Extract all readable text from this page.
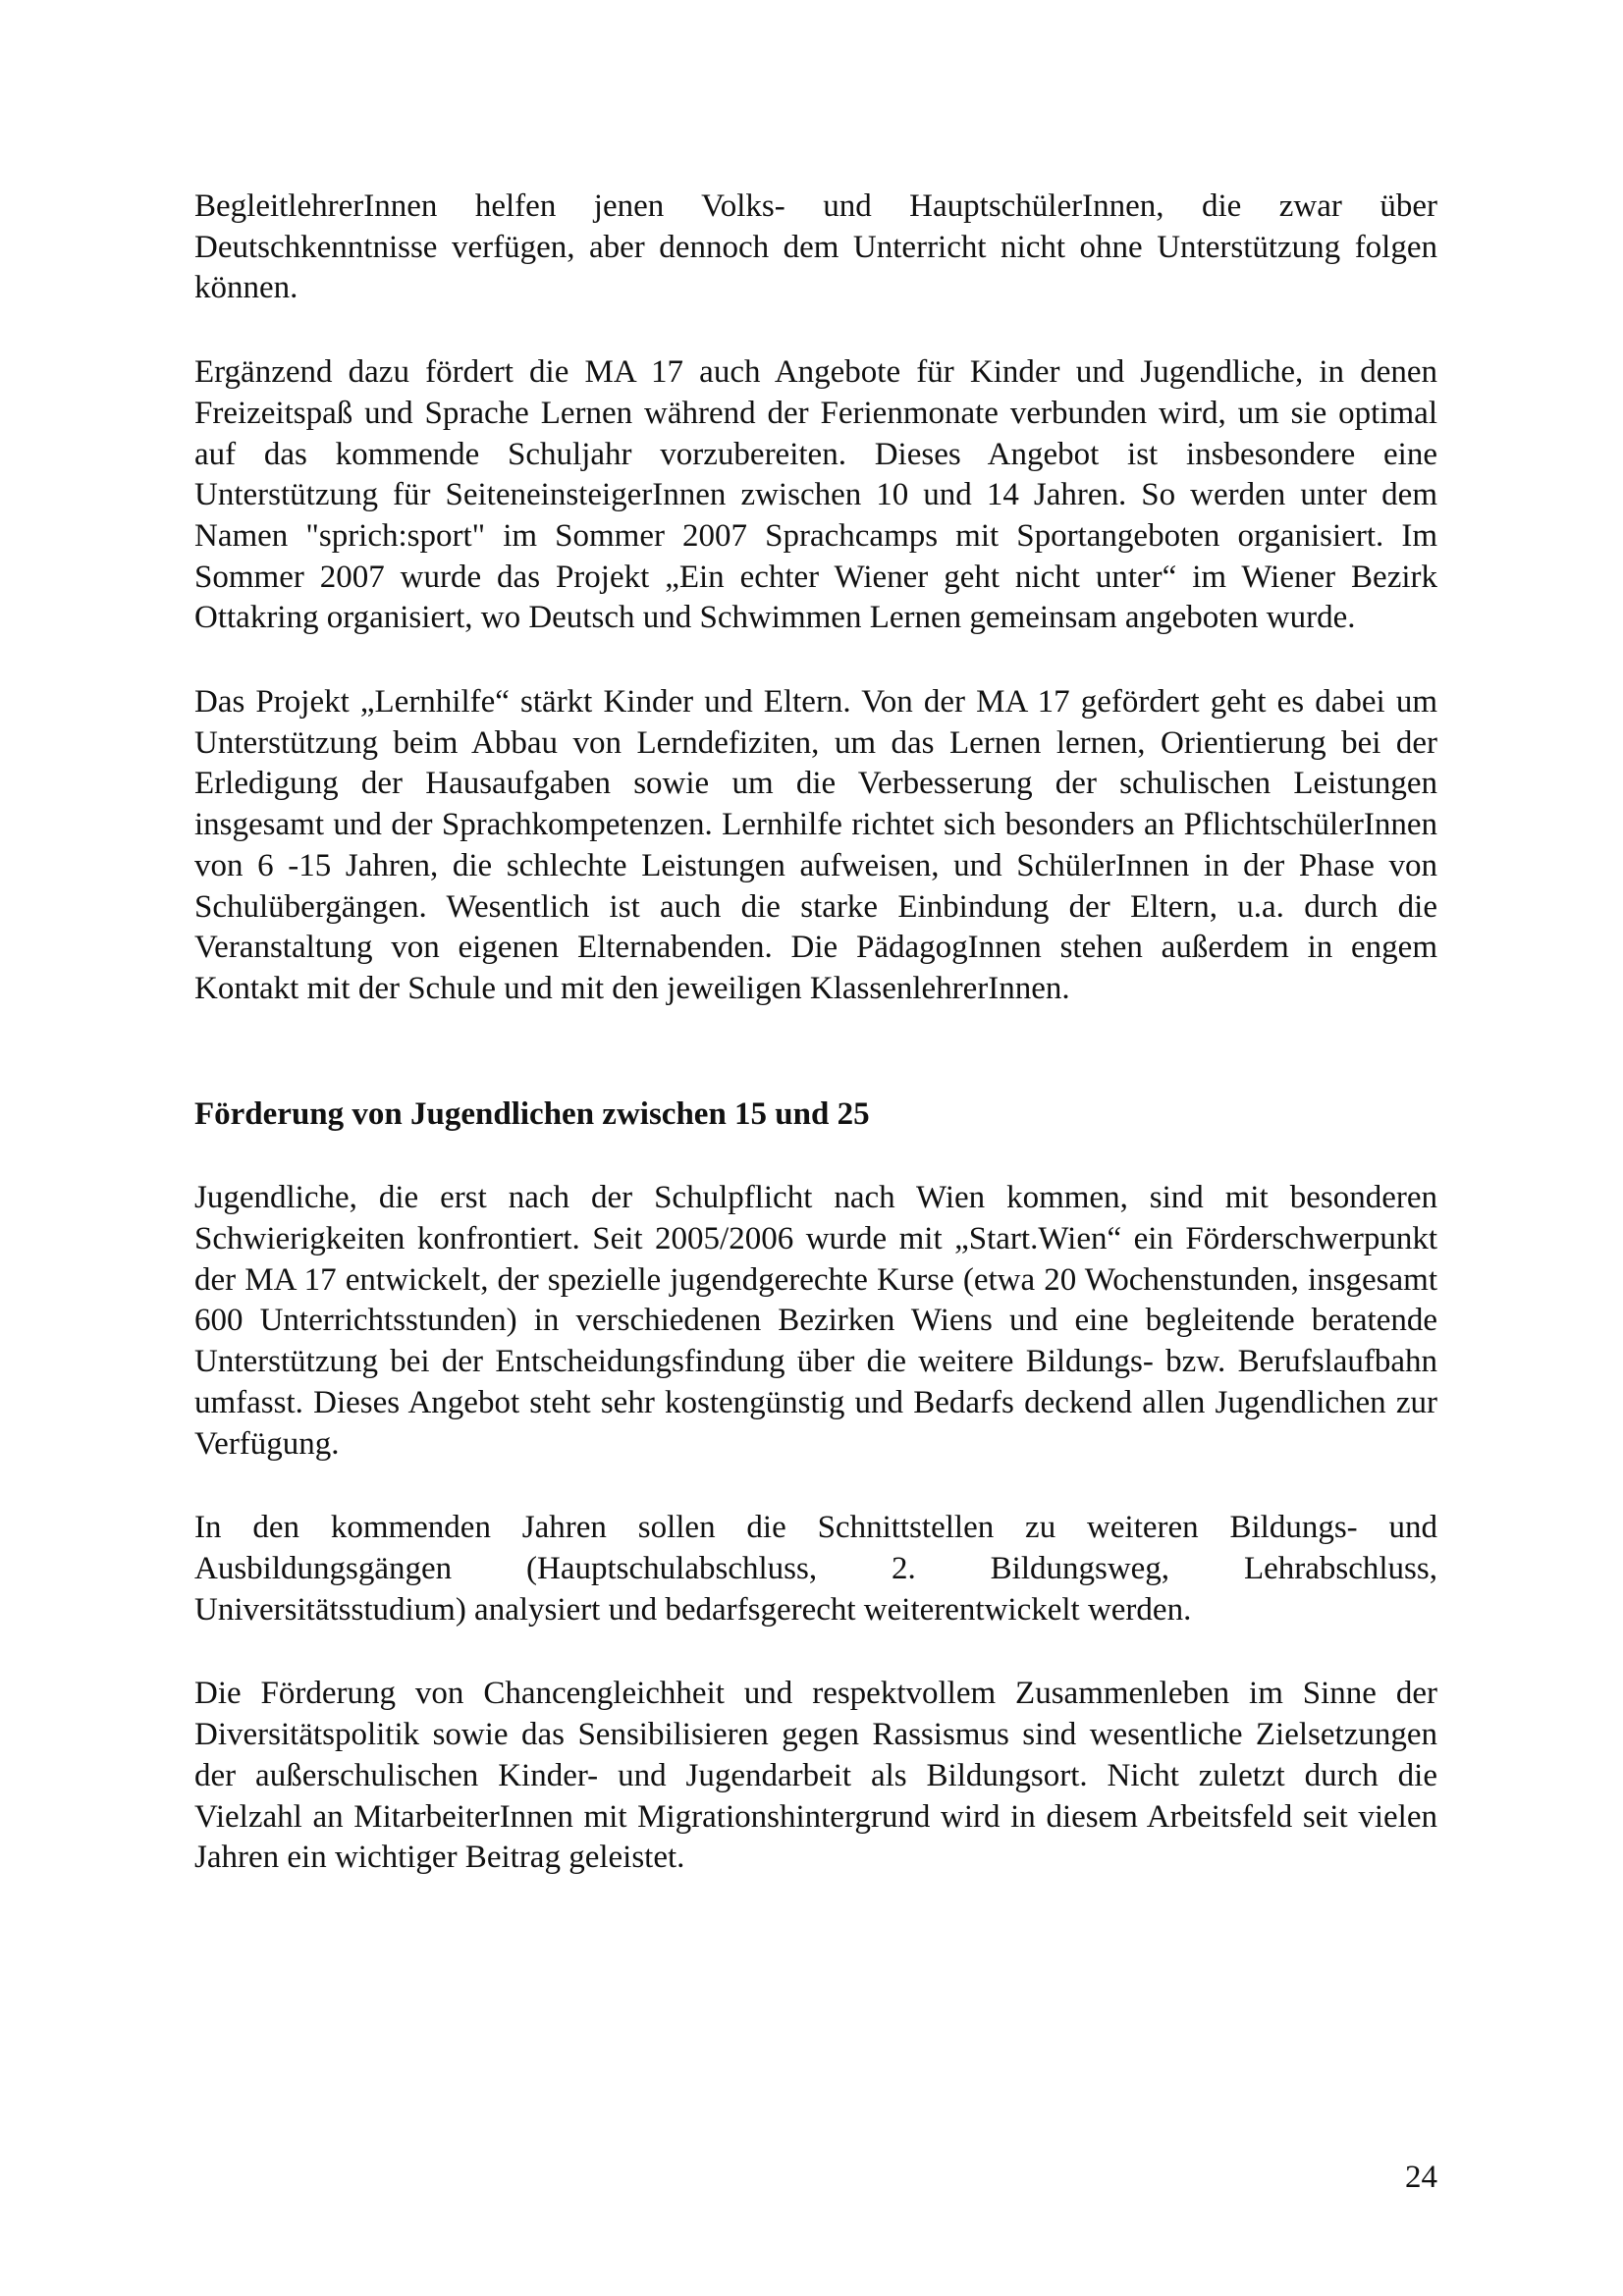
BegleitlehrerInnen helfen jenen Volks- und HauptschülerInnen, die zwar über Deutschkenntnisse verfügen, aber dennoch dem Unterricht nicht ohne Unterstützung folgen können.

Ergänzend dazu fördert die MA 17 auch Angebote für Kinder und Jugendliche, in denen Freizeitspaß und Sprache Lernen während der Ferienmonate verbunden wird, um sie optimal auf das kommende Schuljahr vorzubereiten. Dieses Angebot ist insbesondere eine Unterstützung für SeiteneinsteigerInnen zwischen 10 und 14 Jahren. So werden unter dem Namen "sprich:sport" im Sommer 2007 Sprachcamps mit Sportangeboten organisiert. Im Sommer 2007 wurde das Projekt „Ein echter Wiener geht nicht unter“ im Wiener Bezirk Ottakring organisiert, wo Deutsch und Schwimmen Lernen gemeinsam angeboten wurde.

Das Projekt „Lernhilfe“ stärkt Kinder und Eltern. Von der MA 17 gefördert geht es dabei um Unterstützung beim Abbau von Lerndefiziten, um das Lernen lernen, Orientierung bei der Erledigung der Hausaufgaben sowie um die Verbesserung der schulischen Leistungen insgesamt und der Sprachkompetenzen. Lernhilfe richtet sich besonders an PflichtschülerInnen von 6 -15 Jahren, die schlechte Leistungen aufweisen, und SchülerInnen in der Phase von Schulübergängen. Wesentlich ist auch die starke Einbindung der Eltern, u.a. durch die Veranstaltung von eigenen Elternabenden. Die PädagogInnen stehen außerdem in engem Kontakt mit der Schule und mit den jeweiligen KlassenlehrerInnen.

Förderung von Jugendlichen zwischen 15 und 25

Jugendliche, die erst nach der Schulpflicht nach Wien kommen, sind mit besonderen Schwierigkeiten konfrontiert. Seit 2005/2006 wurde mit „Start.Wien“ ein Förderschwerpunkt der MA 17 entwickelt, der spezielle jugendgerechte Kurse (etwa 20 Wochenstunden, insgesamt 600 Unterrichtsstunden) in verschiedenen Bezirken Wiens und eine begleitende beratende Unterstützung bei der Entscheidungsfindung über die weitere Bildungs- bzw. Berufslaufbahn umfasst. Dieses Angebot steht sehr kostengünstig und Bedarfs deckend allen Jugendlichen zur Verfügung.

In den kommenden Jahren sollen die Schnittstellen zu weiteren Bildungs- und Ausbildungsgängen (Hauptschulabschluss, 2. Bildungsweg, Lehrabschluss, Universitätsstudium) analysiert und bedarfsgerecht weiterentwickelt werden.

Die Förderung von Chancengleichheit und respektvollem Zusammenleben im Sinne der Diversitätspolitik sowie das Sensibilisieren gegen Rassismus sind wesentliche Zielsetzungen der außerschulischen Kinder- und Jugendarbeit als Bildungsort. Nicht zuletzt durch die Vielzahl an MitarbeiterInnen mit Migrationshintergrund wird in diesem Arbeitsfeld seit vielen Jahren ein wichtiger Beitrag geleistet.

24
